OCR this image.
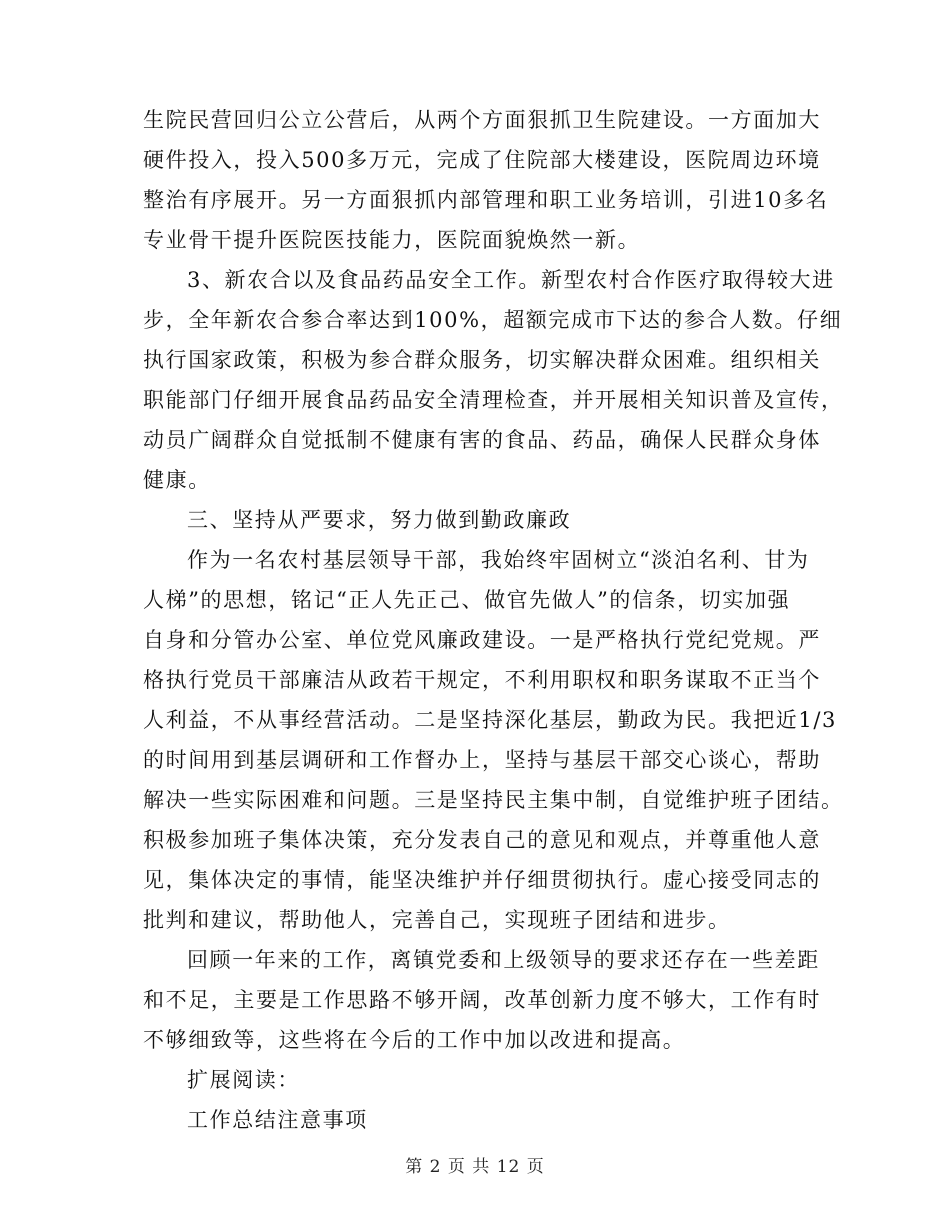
生院民营回归公立公营后，从两个方面狠抓卫生院建设。一方面加大
硬件投入，投入500多万元，完成了住院部大楼建设，医院周边环境
整治有序展开。另一方面狠抓内部管理和职工业务培训，引进10多名
专业骨干提升医院医技能力，医院面貌焕然一新。
3、新农合以及食品药品安全工作。新型农村合作医疗取得较大进
步，全年新农合参合率达到100%，超额完成市下达的参合人数。仔细
执行国家政策，积极为参合群众服务，切实解决群众困难。组织相关
职能部门仔细开展食品药品安全清理检查，并开展相关知识普及宣传，
动员广阔群众自觉抵制不健康有害的食品、药品，确保人民群众身体
健康。
三、坚持从严要求，努力做到勤政廉政
作为一名农村基层领导干部，我始终牢固树立“淡泊名利、甘为
人梯”的思想，铭记“正人先正己、做官先做人”的信条，切实加强
自身和分管办公室、单位党风廉政建设。一是严格执行党纪党规。严
格执行党员干部廉洁从政若干规定，不利用职权和职务谋取不正当个
人利益，不从事经营活动。二是坚持深化基层，勤政为民。我把近1/3
的时间用到基层调研和工作督办上，坚持与基层干部交心谈心，帮助
解决一些实际困难和问题。三是坚持民主集中制，自觉维护班子团结。
积极参加班子集体决策，充分发表自己的意见和观点，并尊重他人意
见，集体决定的事情，能坚决维护并仔细贯彻执行。虚心接受同志的
批判和建议，帮助他人，完善自己，实现班子团结和进步。
回顾一年来的工作，离镇党委和上级领导的要求还存在一些差距
和不足，主要是工作思路不够开阔，改革创新力度不够大，工作有时
不够细致等，这些将在今后的工作中加以改进和提高。
扩展阅读：
工作总结注意事项
第 2 页 共 12 页
